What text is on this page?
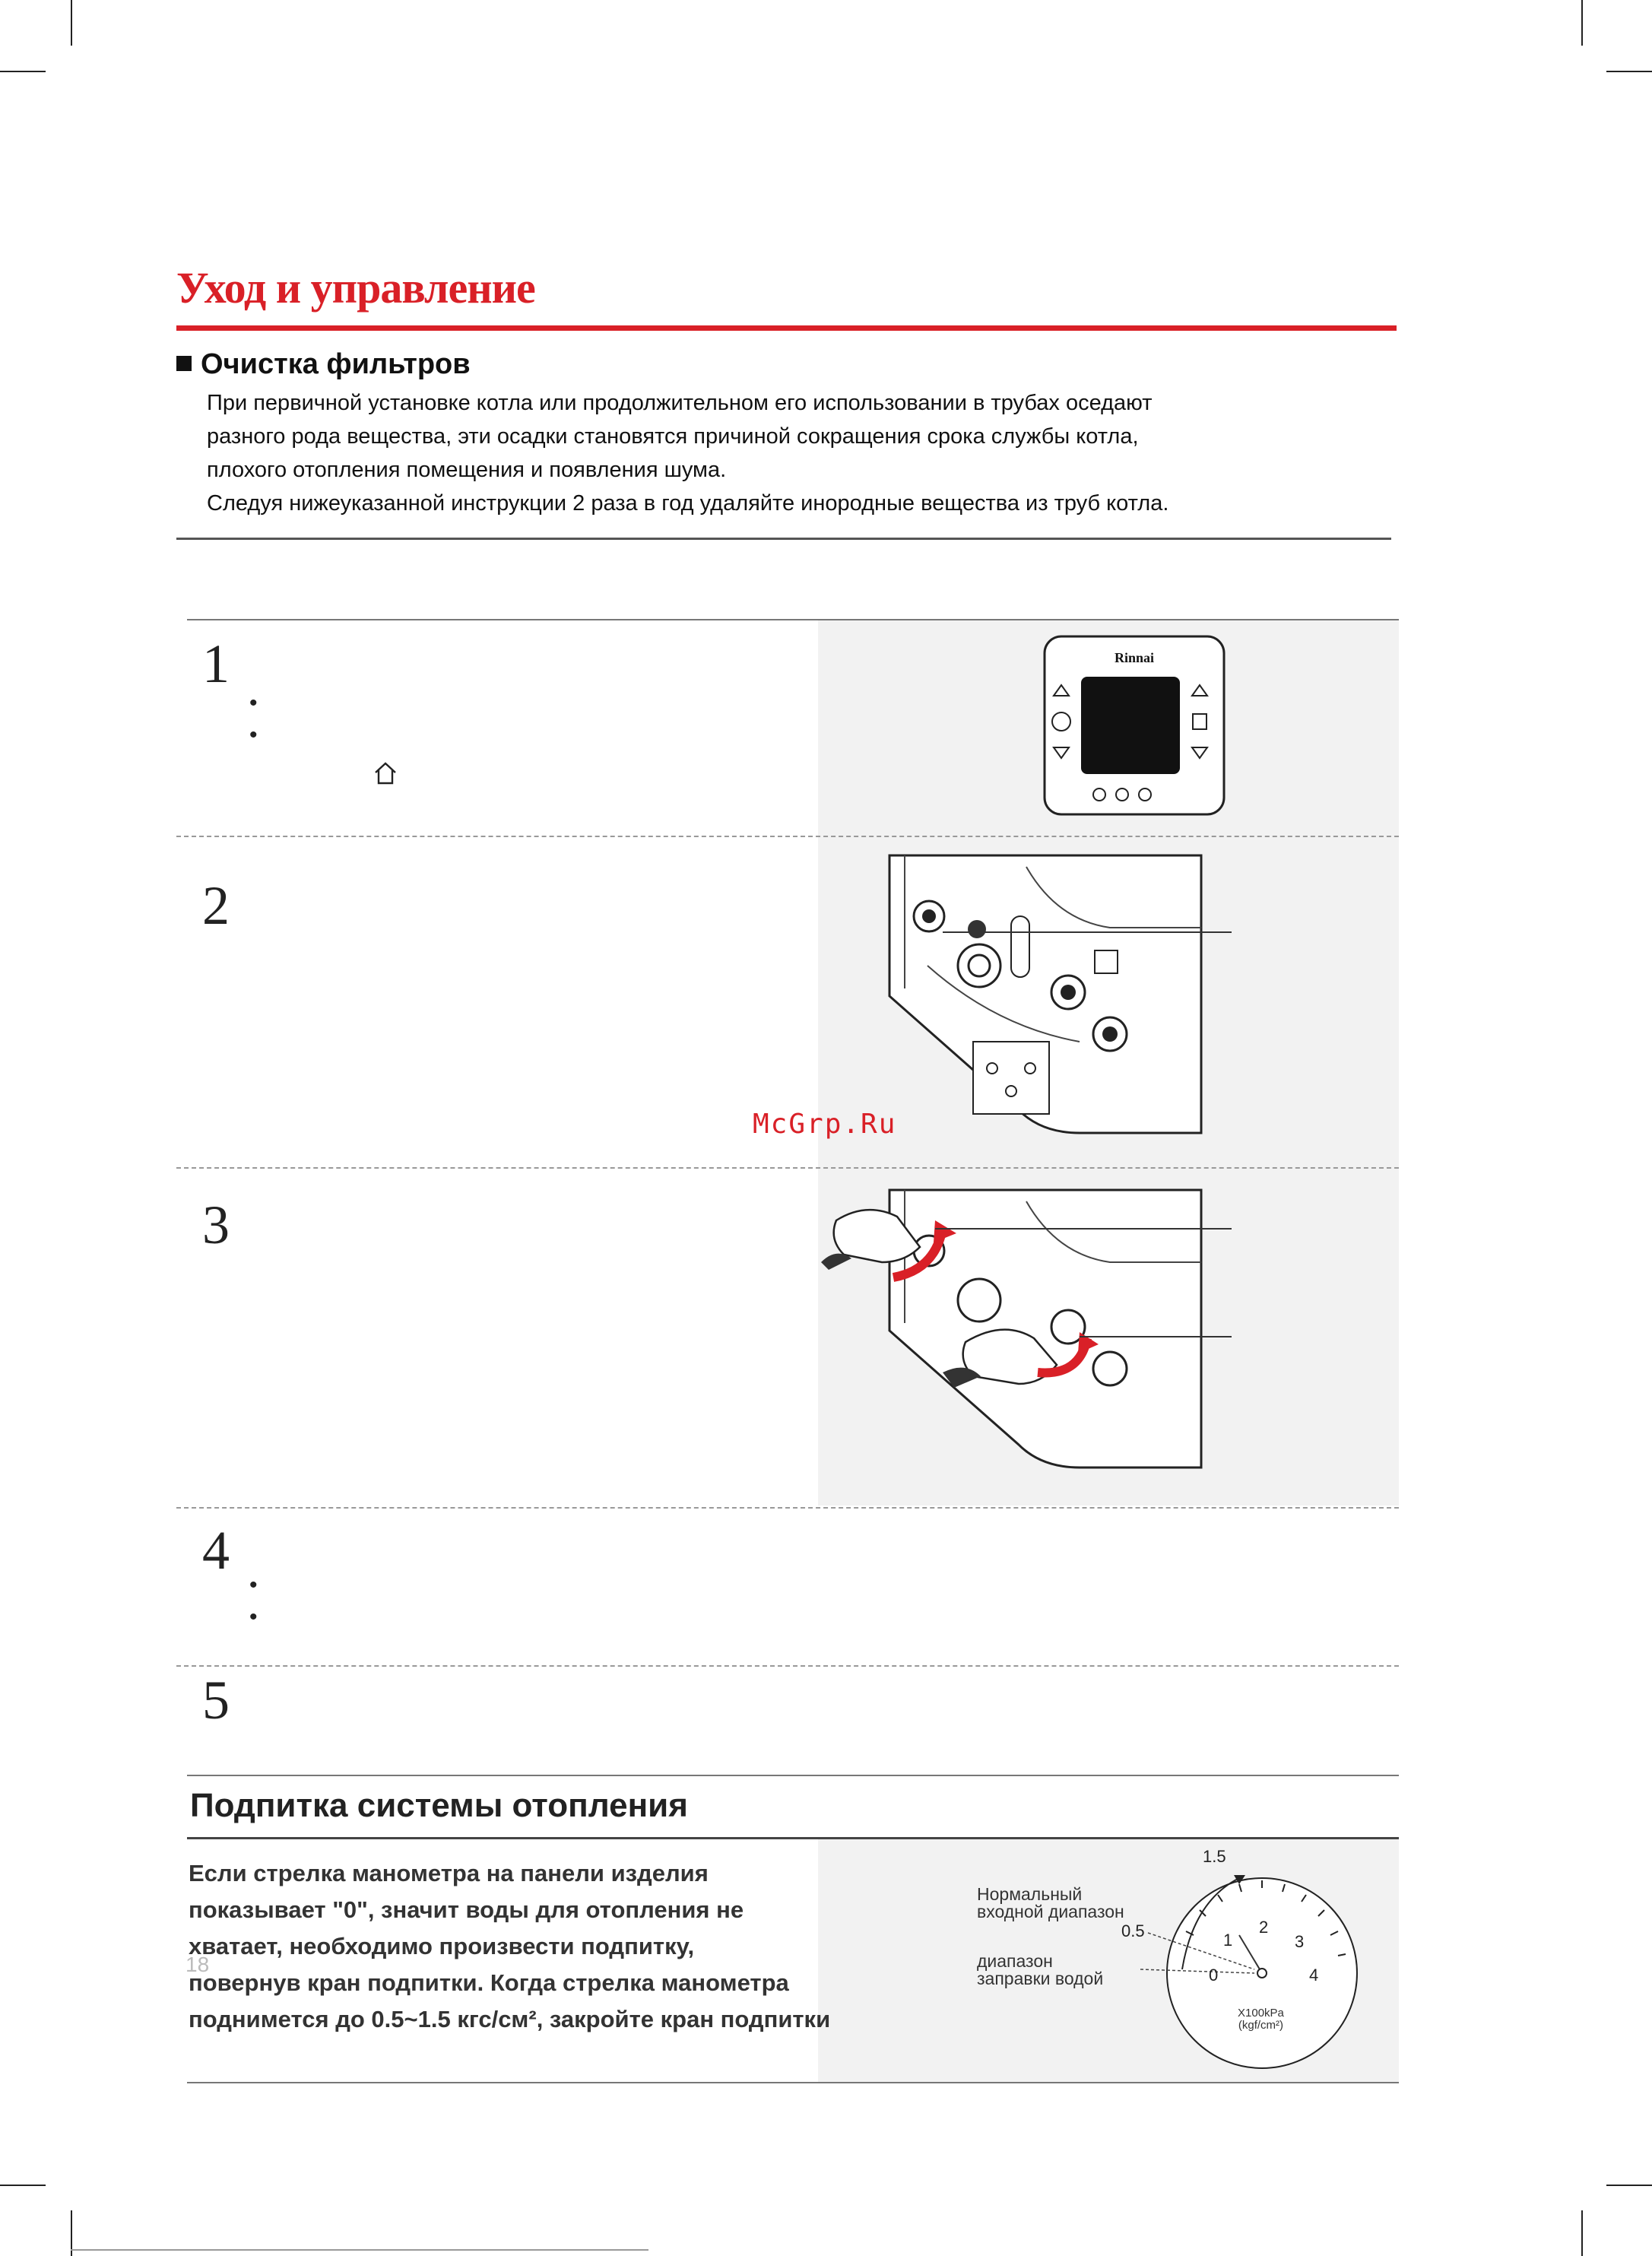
Уход и управление
Очистка фильтров
При первичной установке котла или продолжительном его использовании в трубах оседают
разного рода вещества, эти осадки становятся причиной сокращения срока службы котла,
плохого отопления помещения и появления шума.
Следуя нижеуказанной инструкции 2 раза в год удаляйте инородные вещества из труб котла.
1
•
•
Rinnai
2
McGrp.Ru
3
4
•
•
5
Подпитка системы отопления
Если стрелка манометра на панели изделия
показывает "0", значит воды для отопления не
хватает, необходимо произвести подпитку,
повернув кран подпитки. Когда стрелка манометра
поднимется до 0.5~1.5 кгс/см², закройте кран подпитки
18
1.5
Нормальный
входной диапазон
0.5	1
2
3
диапазон
заправки водой	0	4
X100kPa
(kgf/cm²)
